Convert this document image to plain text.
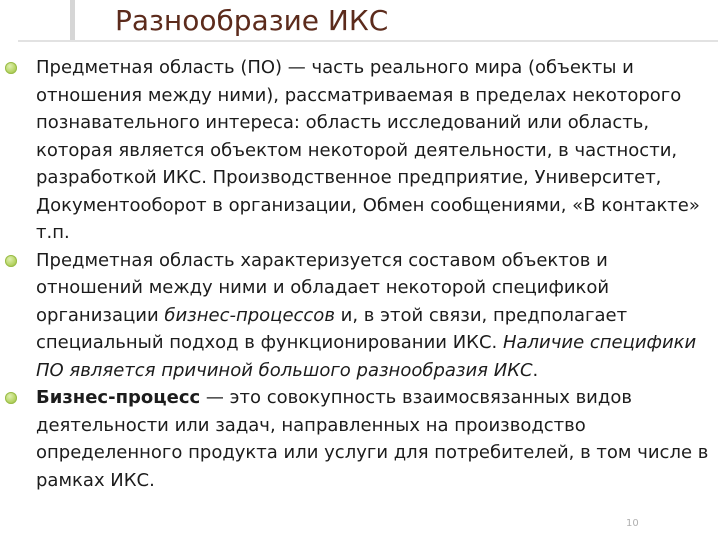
Разнообразие ИКС
Предметная область (ПО) — часть реального мира (объекты и отношения между ними), рассматриваемая в пределах некоторого познавательного интереса: область исследований или область, которая является объектом некоторой деятельности, в частности, разработкой ИКС. Производственное предприятие, Университет, Документооборот в организации, Обмен сообщениями, «В контакте» т.п.
Предметная область характеризуется составом объектов и отношений между ними и обладает некоторой спецификой организации бизнес-процессов и, в этой связи, предполагает специальный подход в функционировании ИКС. Наличие специфики ПО является причиной большого разнообразия ИКС.
Бизнес-процесс — это совокупность взаимосвязанных видов деятельности или задач, направленных на производство определенного продукта или услуги для потребителей, в том числе в рамках ИКС.
10
